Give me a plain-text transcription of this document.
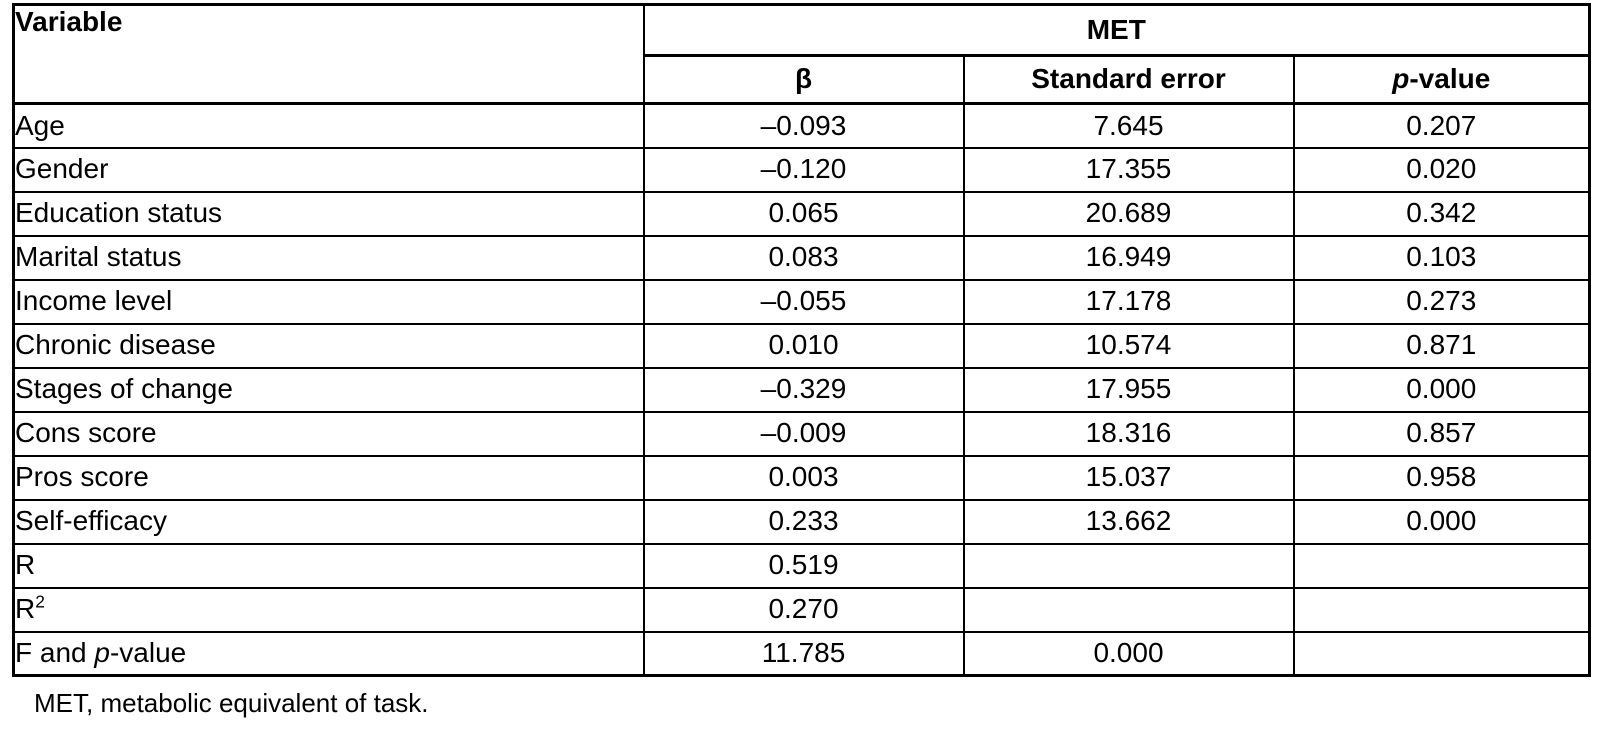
Variable	MET		
	β	Standard error	p-value
Age	–0.093	7.645	0.207
Gender	–0.120	17.355	0.020
Education status	0.065	20.689	0.342
Marital status	0.083	16.949	0.103
Income level	–0.055	17.178	0.273
Chronic disease	0.010	10.574	0.871
Stages of change	–0.329	17.955	0.000
Cons score	–0.009	18.316	0.857
Pros score	0.003	15.037	0.958
Self-efficacy	0.233	13.662	0.000
R	0.519		
$R^2$	0.270		
F and p-value	11.785	0.000	
MET, metabolic equivalent of task.
